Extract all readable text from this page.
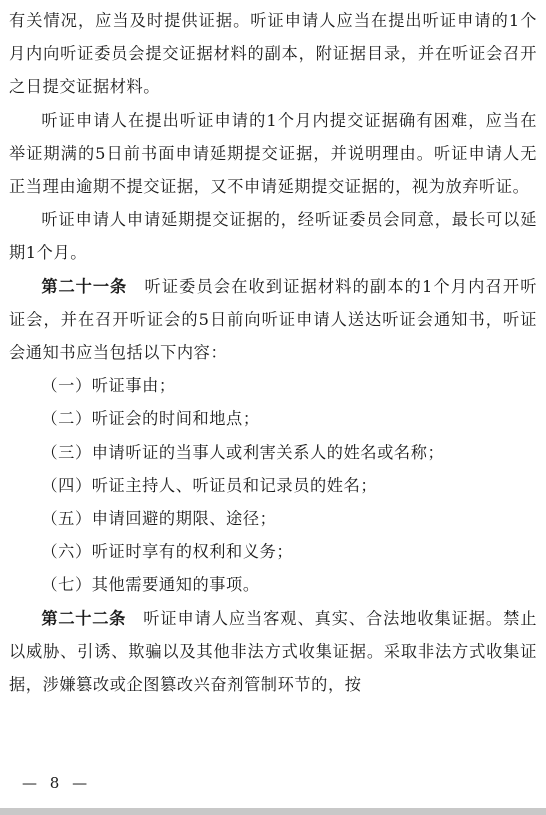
有关情况，应当及时提供证据。听证申请人应当在提出听证申请的1个月内向听证委员会提交证据材料的副本，附证据目录，并在听证会召开之日提交证据材料。

听证申请人在提出听证申请的1个月内提交证据确有困难，应当在举证期满的5日前书面申请延期提交证据，并说明理由。听证申请人无正当理由逾期不提交证据，又不申请延期提交证据的，视为放弃听证。

听证申请人申请延期提交证据的，经听证委员会同意，最长可以延期1个月。

第二十一条　 听证委员会在收到证据材料的副本的1个月内召开听证会，并在召开听证会的5日前向听证申请人送达听证会通知书，听证会通知书应当包括以下内容：

（一）听证事由；

（二）听证会的时间和地点；

（三）申请听证的当事人或利害关系人的姓名或名称；

（四）听证主持人、听证员和记录员的姓名；

（五）申请回避的期限、途径；

（六）听证时享有的权利和义务；

（七）其他需要通知的事项。

第二十二条　 听证申请人应当客观、真实、合法地收集证据。禁止以威胁、引诱、欺骗以及其他非法方式收集证据。采取非法方式收集证据，涉嫌篡改或企图篡改兴奋剂管制环节的，按

— 8 —
